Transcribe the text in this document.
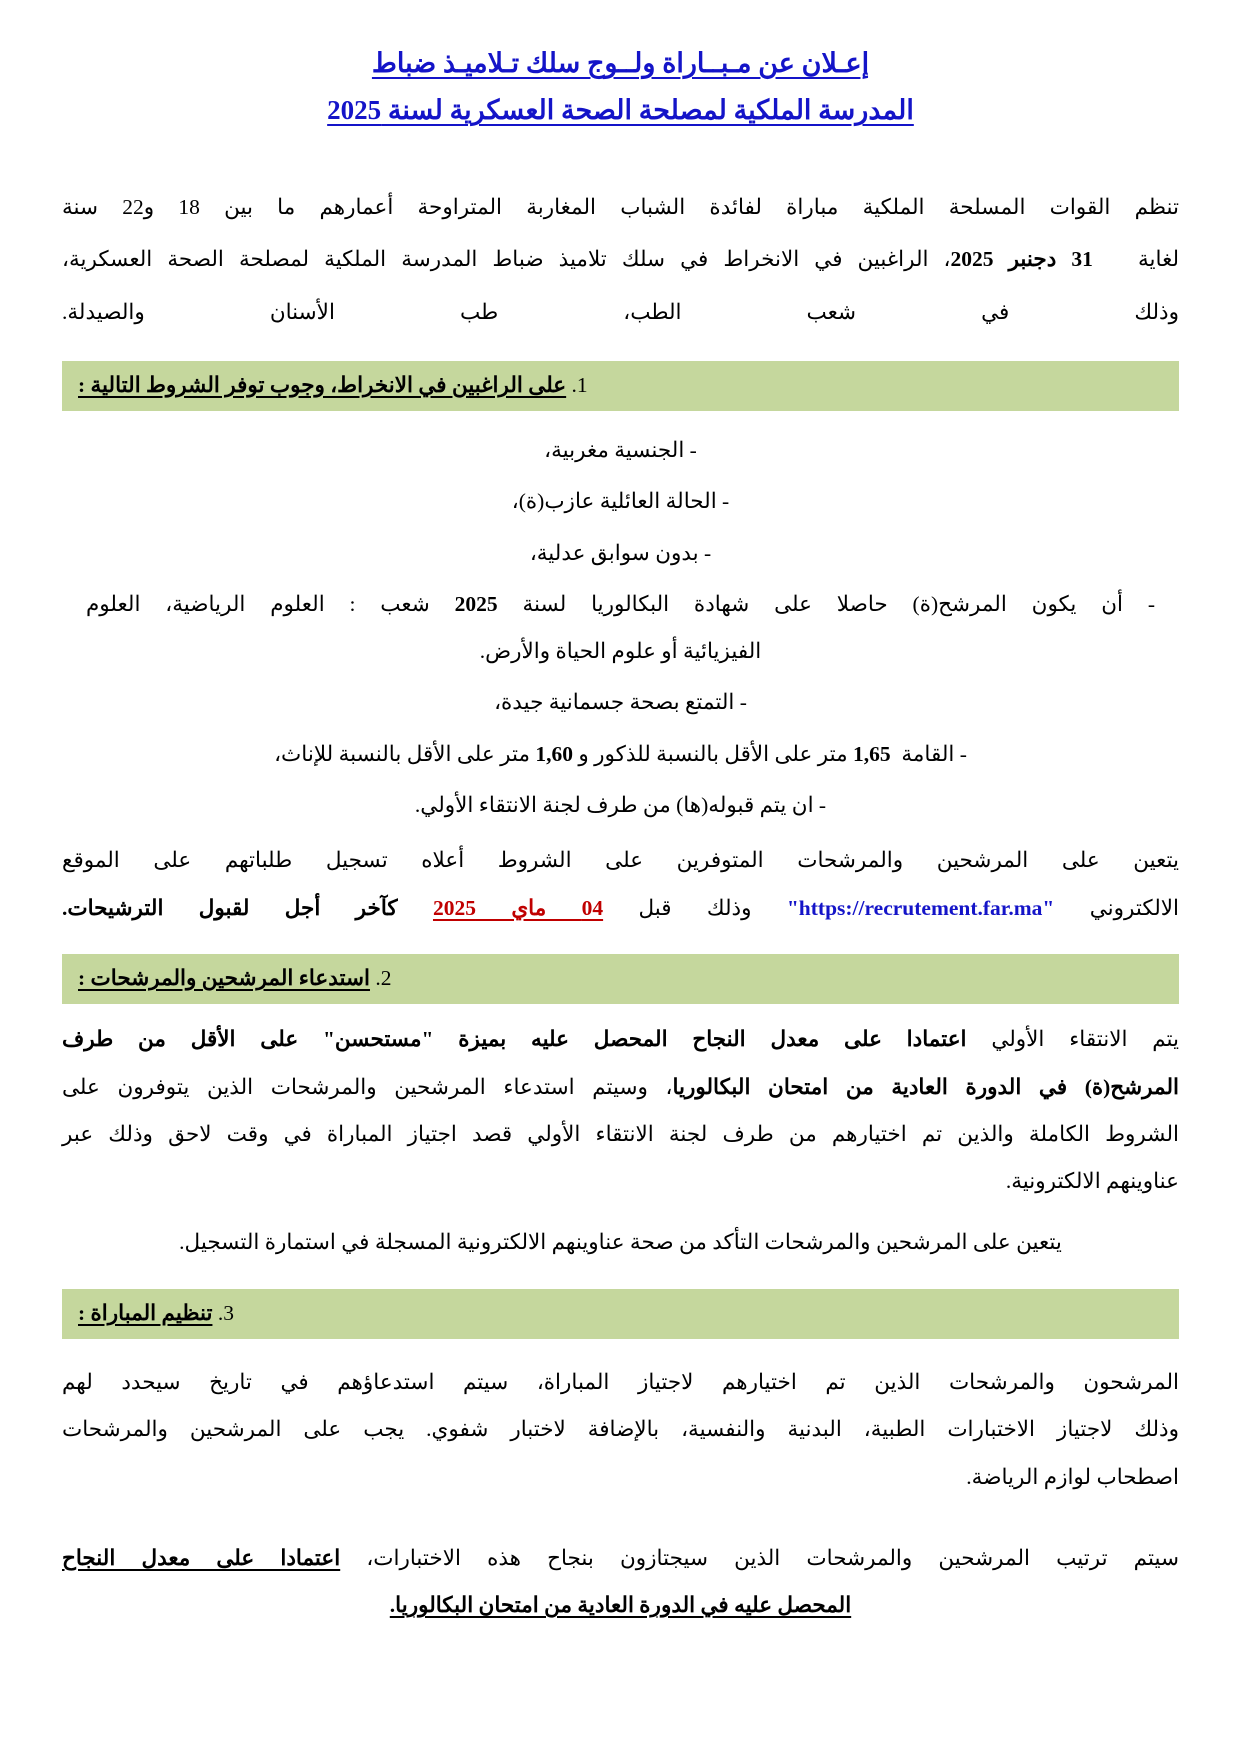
إعـلان عن مـبــاراة ولــوج سلك تـلاميـذ ضباط
المدرسة الملكية لمصلحة الصحة العسكرية لسنة 2025
تنظم القوات المسلحة الملكية مباراة لفائدة الشباب المغاربة المتراوحة أعمارهم ما بين 18 و22 سنة
لغاية   31 دجنبر 2025، الراغبين في الانخراط في سلك تلاميذ ضباط المدرسة الملكية لمصلحة الصحة العسكرية،
وذلك في شعب الطب، طب الأسنان والصيدلة.
1. على الراغبين في الانخراط، وجوب توفر الشروط التالية :
- الجنسية مغربية،
- الحالة العائلية عازب(ة)،
- بدون سوابق عدلية،
- أن يكون المرشح(ة) حاصلا على شهادة البكالوريا لسنة 2025 شعب : العلوم الرياضية، العلوم
الفيزيائية أو علوم الحياة والأرض.
- التمتع بصحة جسمانية جيدة،
- القامة  1,65 متر على الأقل بالنسبة للذكور و 1,60 متر على الأقل بالنسبة للإناث،
- ان يتم قبوله(ها) من طرف لجنة الانتقاء الأولي.
يتعين على المرشحين والمرشحات المتوفرين على الشروط أعلاه تسجيل طلباتهم على الموقع
الالكتروني "https://recrutement.far.ma" وذلك قبل 04 ماي 2025 كآخر أجل لقبول الترشيحات.
2. استدعاء المرشحين والمرشحات :
يتم الانتقاء الأولي اعتمادا على معدل النجاح المحصل عليه بميزة "مستحسن" على الأقل من طرف
المرشح(ة) في الدورة العادية من امتحان البكالوريا، وسيتم استدعاء المرشحين والمرشحات الذين يتوفرون على
الشروط الكاملة والذين تم اختيارهم من طرف لجنة الانتقاء الأولي قصد اجتياز المباراة في وقت لاحق وذلك عبر
عناوينهم الالكترونية.
يتعين على المرشحين والمرشحات التأكد من صحة عناوينهم الالكترونية المسجلة في استمارة التسجيل.
3. تنظيم المباراة :
المرشحون والمرشحات الذين تم اختيارهم لاجتياز المباراة، سيتم استدعاؤهم في تاريخ سيحدد لهم
وذلك لاجتياز الاختبارات الطبية، البدنية والنفسية، بالإضافة لاختبار شفوي. يجب على المرشحين والمرشحات
اصطحاب لوازم الرياضة.
سيتم ترتيب المرشحين والمرشحات الذين سيجتازون بنجاح هذه الاختبارات، اعتمادا على معدل النجاح
المحصل عليه في الدورة العادية من امتحان البكالوريا.
